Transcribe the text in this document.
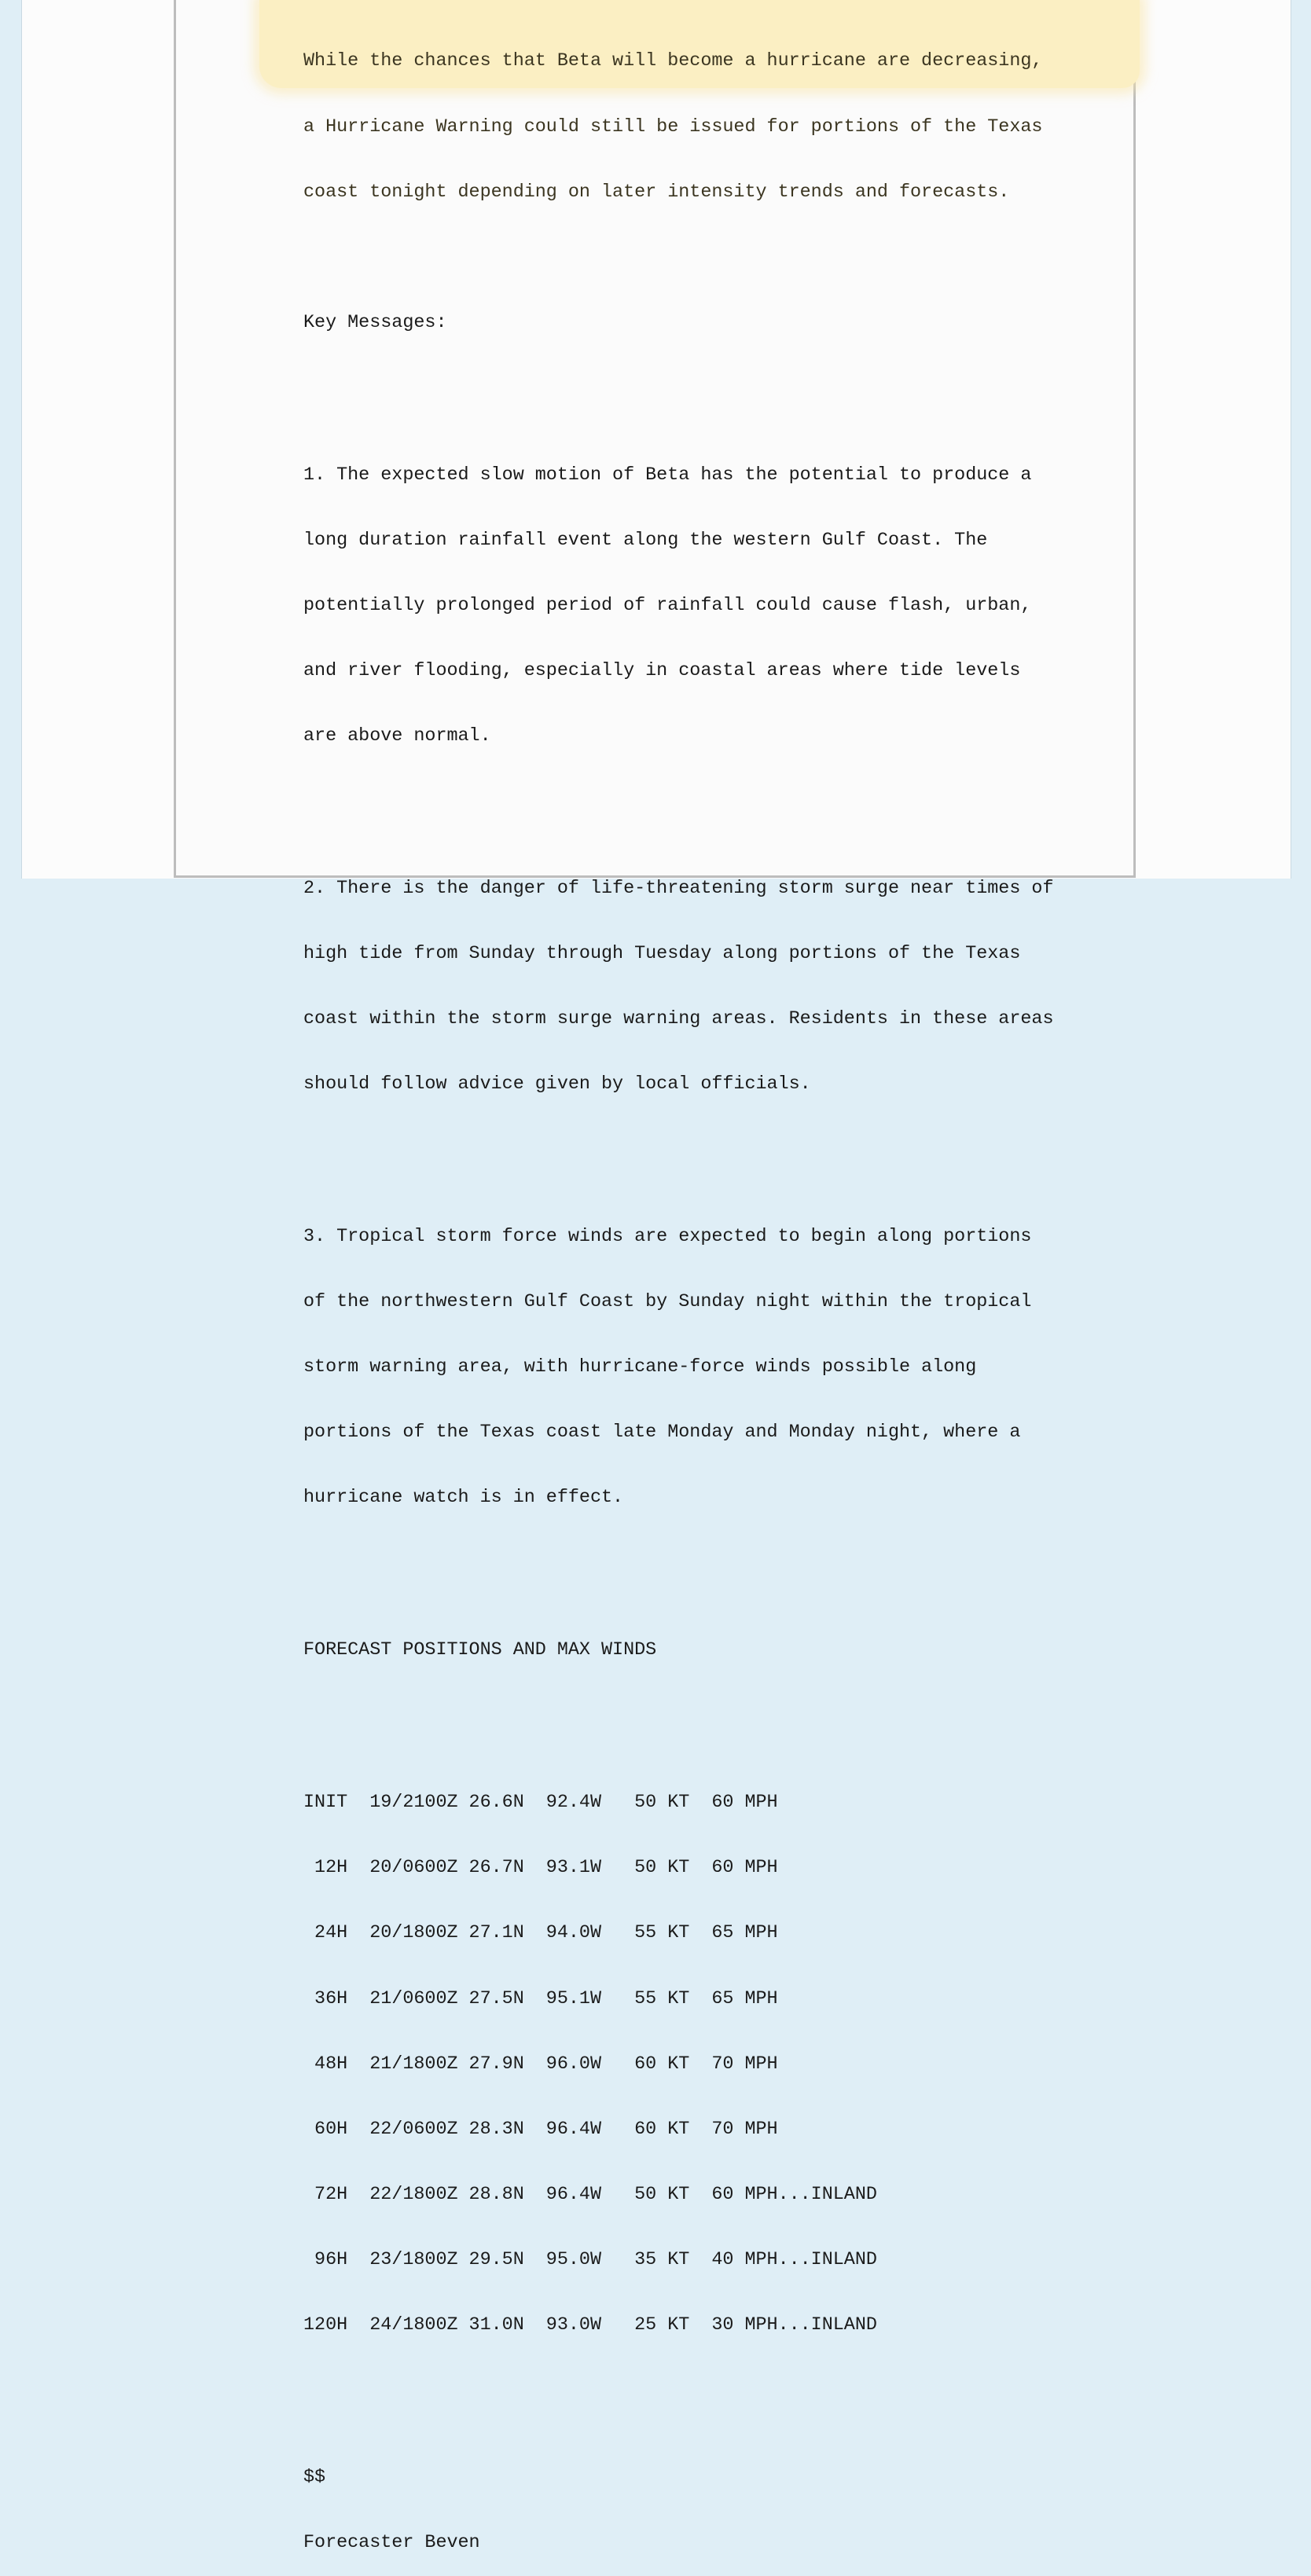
While the chances that Beta will become a hurricane are decreasing,

a Hurricane Warning could still be issued for portions of the Texas

coast tonight depending on later intensity trends and forecasts.

Key Messages:

1. The expected slow motion of Beta has the potential to produce a

long duration rainfall event along the western Gulf Coast. The

potentially prolonged period of rainfall could cause flash, urban,

and river flooding, especially in coastal areas where tide levels

are above normal.

2. There is the danger of life-threatening storm surge near times of

high tide from Sunday through Tuesday along portions of the Texas

coast within the storm surge warning areas. Residents in these areas

should follow advice given by local officials.

3. Tropical storm force winds are expected to begin along portions

of the northwestern Gulf Coast by Sunday night within the tropical

storm warning area, with hurricane-force winds possible along

portions of the Texas coast late Monday and Monday night, where a

hurricane watch is in effect.

FORECAST POSITIONS AND MAX WINDS

INIT  19/2100Z 26.6N  92.4W   50 KT  60 MPH

12H  20/0600Z 26.7N  93.1W   50 KT  60 MPH

24H  20/1800Z 27.1N  94.0W   55 KT  65 MPH

36H  21/0600Z 27.5N  95.1W   55 KT  65 MPH

48H  21/1800Z 27.9N  96.0W   60 KT  70 MPH

60H  22/0600Z 28.3N  96.4W   60 KT  70 MPH

72H  22/1800Z 28.8N  96.4W   50 KT  60 MPH...INLAND

96H  23/1800Z 29.5N  95.0W   35 KT  40 MPH...INLAND

120H  24/1800Z 31.0N  93.0W   25 KT  30 MPH...INLAND

$$

Forecaster Beven
